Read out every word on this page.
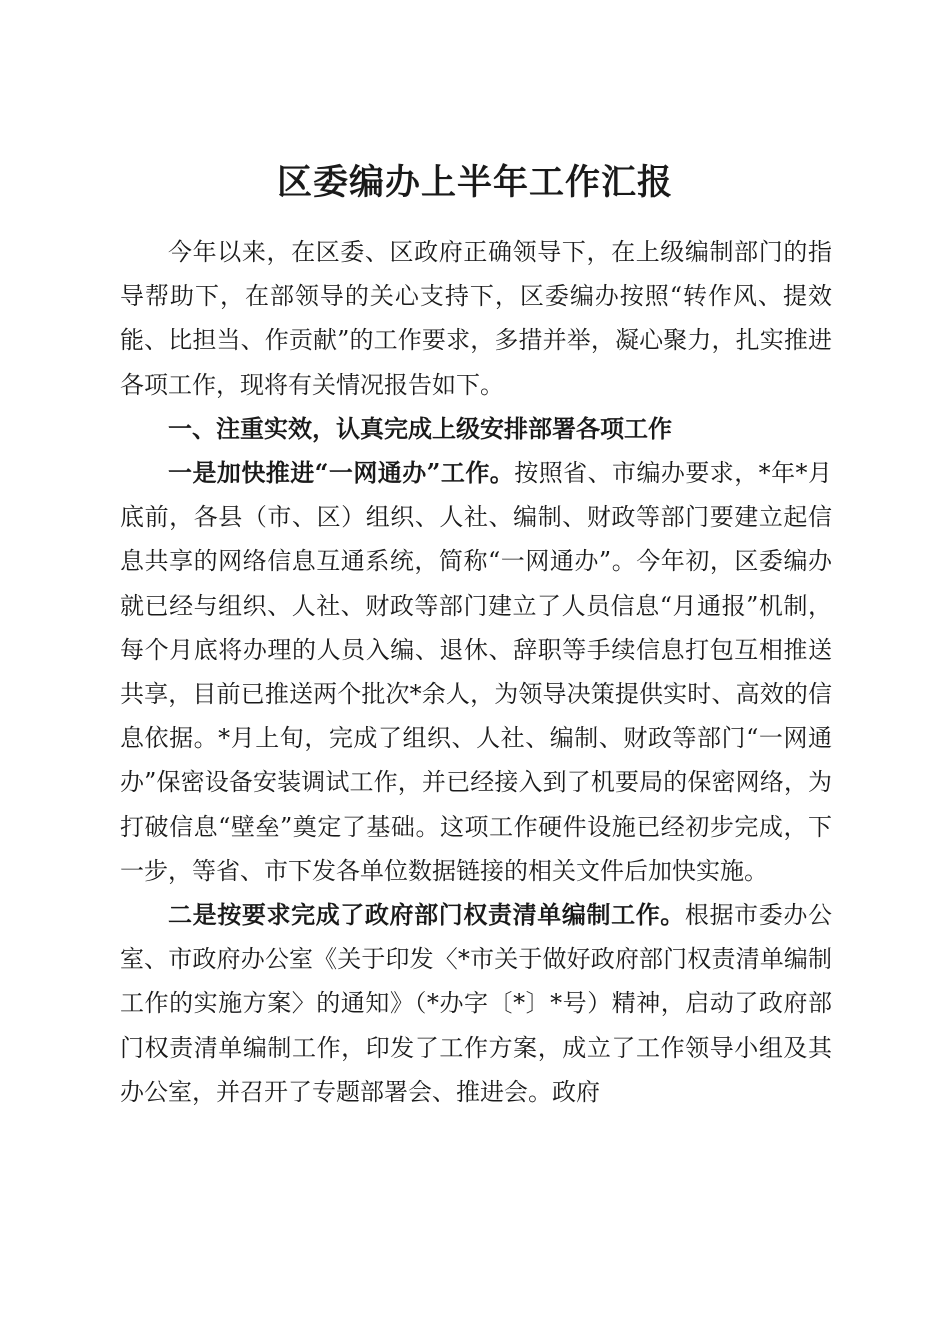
区委编办上半年工作汇报

今年以来，在区委、区政府正确领导下，在上级编制部门的指导帮助下，在部领导的关心支持下，区委编办按照“转作风、提效能、比担当、作贡献”的工作要求，多措并举，凝心聚力，扎实推进各项工作，现将有关情况报告如下。

一、注重实效，认真完成上级安排部署各项工作

一是加快推进“一网通办”工作。按照省、市编办要求，*年*月底前，各县（市、区）组织、人社、编制、财政等部门要建立起信息共享的网络信息互通系统，简称“一网通办”。今年初，区委编办就已经与组织、人社、财政等部门建立了人员信息“月通报”机制，每个月底将办理的人员入编、退休、辞职等手续信息打包互相推送共享，目前已推送两个批次*余人，为领导决策提供实时、高效的信息依据。*月上旬，完成了组织、人社、编制、财政等部门“一网通办”保密设备安装调试工作，并已经接入到了机要局的保密网络，为打破信息“壁垒”奠定了基础。这项工作硬件设施已经初步完成，下一步，等省、市下发各单位数据链接的相关文件后加快实施。

二是按要求完成了政府部门权责清单编制工作。根据市委办公室、市政府办公室《关于印发〈*市关于做好政府部门权责清单编制工作的实施方案〉的通知》（*办字〔*〕*号）精神，启动了政府部门权责清单编制工作，印发了工作方案，成立了工作领导小组及其办公室，并召开了专题部署会、推进会。政府
